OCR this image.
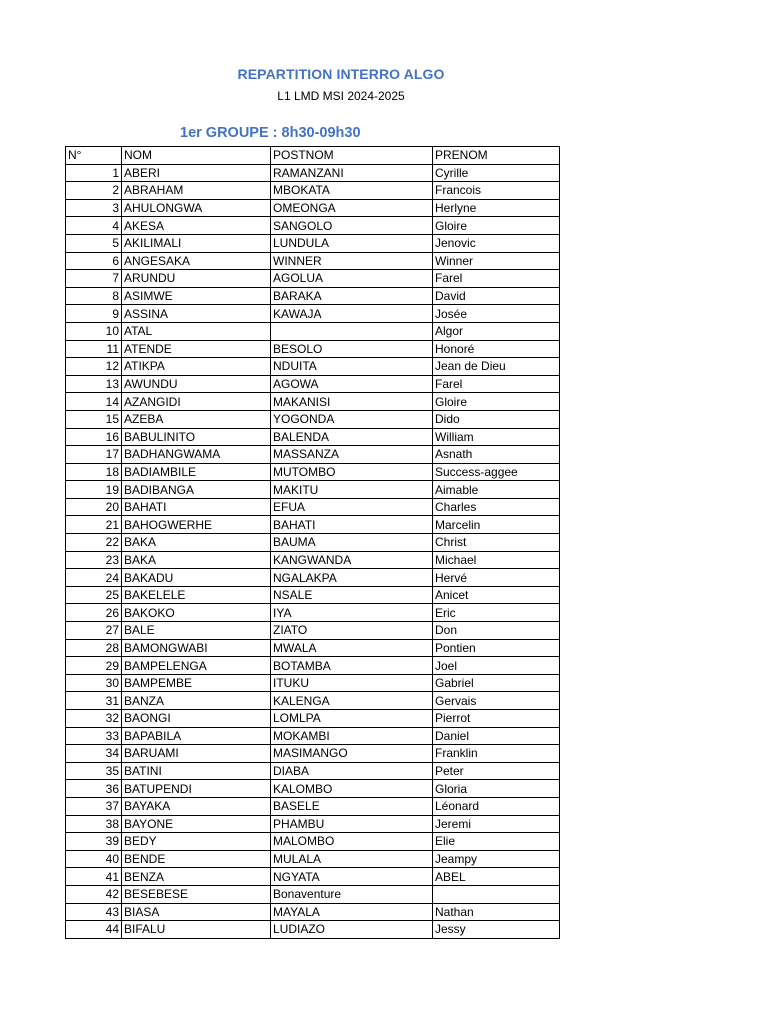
REPARTITION INTERRO ALGO
L1 LMD MSI 2024-2025
1er GROUPE : 8h30-09h30
N°	NOM	POSTNOM	PRENOM
1	ABERI	RAMANZANI	Cyrille
2	ABRAHAM	MBOKATA	Francois
3	AHULONGWA	OMEONGA	Herlyne
4	AKESA	SANGOLO	Gloire
5	AKILIMALI	LUNDULA	Jenovic
6	ANGESAKA	WINNER	Winner
7	ARUNDU	AGOLUA	Farel
8	ASIMWE	BARAKA	David
9	ASSINA	KAWAJA	Josée
10	ATAL		Algor
11	ATENDE	BESOLO	Honoré
12	ATIKPA	NDUITA	Jean de Dieu
13	AWUNDU	AGOWA	Farel
14	AZANGIDI	MAKANISI	Gloire
15	AZEBA	YOGONDA	Dido
16	BABULINITO	BALENDA	William
17	BADHANGWAMA	MASSANZA	Asnath
18	BADIAMBILE	MUTOMBO	Success-aggee
19	BADIBANGA	MAKITU	Aimable
20	BAHATI	EFUA	Charles
21	BAHOGWERHE	BAHATI	Marcelin
22	BAKA	BAUMA	Christ
23	BAKA	KANGWANDA	Michael
24	BAKADU	NGALAKPA	Hervé
25	BAKELELE	NSALE	Anicet
26	BAKOKO	IYA	Eric
27	BALE	ZIATO	Don
28	BAMONGWABI	MWALA	Pontien
29	BAMPELENGA	BOTAMBA	Joel
30	BAMPEMBE	ITUKU	Gabriel
31	BANZA	KALENGA	Gervais
32	BAONGI	LOMLPA	Pierrot
33	BAPABILA	MOKAMBI	Daniel
34	BARUAMI	MASIMANGO	Franklin
35	BATINI	DIABA	Peter
36	BATUPENDI	KALOMBO	Gloria
37	BAYAKA	BASELE	Léonard
38	BAYONE	PHAMBU	Jeremi
39	BEDY	MALOMBO	Elie
40	BENDE	MULALA	Jeampy
41	BENZA	NGYATA	ABEL
42	BESEBESE	Bonaventure	
43	BIASA	MAYALA	Nathan
44	BIFALU	LUDIAZO	Jessy
